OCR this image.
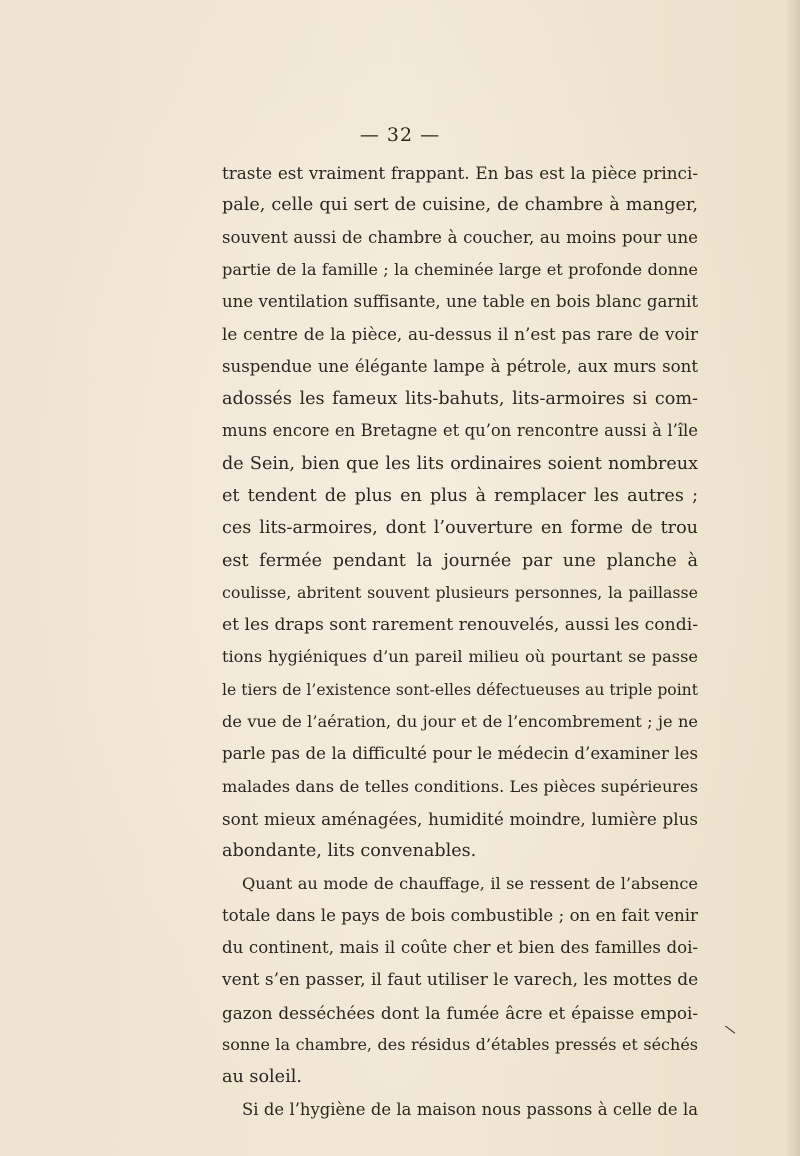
— 32 —
traste est vraiment frappant. En bas est la pièce princi-
pale, celle qui sert de cuisine, de chambre à manger,
souvent aussi de chambre à coucher, au moins pour une
partie de la famille ; la cheminée large et profonde donne
une ventilation suffisante, une table en bois blanc garnit
le centre de la pièce, au-dessus il n’est pas rare de voir
suspendue une élégante lampe à pétrole, aux murs sont
adossés les fameux lits-bahuts, lits-armoires si com-
muns encore en Bretagne et qu’on rencontre aussi à l’île
de Sein, bien que les lits ordinaires soient nombreux
et tendent de plus en plus à remplacer les autres ;
ces lits-armoires, dont l’ouverture en forme de trou
est fermée pendant la journée par une planche à
coulisse, abritent souvent plusieurs personnes, la paillasse
et les draps sont rarement renouvelés, aussi les condi-
tions hygiéniques d’un pareil milieu où pourtant se passe
le tiers de l’existence sont-elles défectueuses au triple point
de vue de l’aération, du jour et de l’encombrement ; je ne
parle pas de la difficulté pour le médecin d’examiner les
malades dans de telles conditions. Les pièces supérieures
sont mieux aménagées, humidité moindre, lumière plus
abondante, lits convenables.
Quant au mode de chauffage, il se ressent de l’absence
totale dans le pays de bois combustible ; on en fait venir
du continent, mais il coûte cher et bien des familles doi-
vent s’en passer, il faut utiliser le varech, les mottes de
gazon desséchées dont la fumée âcre et épaisse empoi-
sonne la chambre, des résidus d’étables pressés et séchés
au soleil.
Si de l’hygiène de la maison nous passons à celle de la
\
